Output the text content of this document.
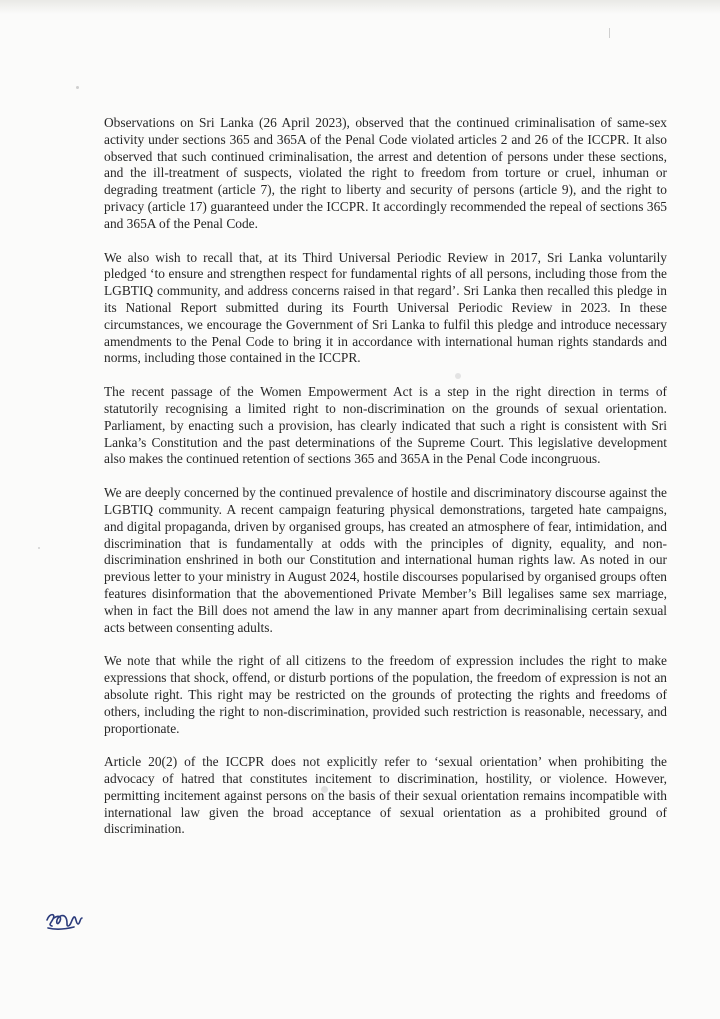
Observations on Sri Lanka (26 April 2023), observed that the continued criminalisation of same-sex activity under sections 365 and 365A of the Penal Code violated articles 2 and 26 of the ICCPR. It also observed that such continued criminalisation, the arrest and detention of persons under these sections, and the ill-treatment of suspects, violated the right to freedom from torture or cruel, inhuman or degrading treatment (article 7), the right to liberty and security of persons (article 9), and the right to privacy (article 17) guaranteed under the ICCPR. It accordingly recommended the repeal of sections 365 and 365A of the Penal Code.

We also wish to recall that, at its Third Universal Periodic Review in 2017, Sri Lanka voluntarily pledged ‘to ensure and strengthen respect for fundamental rights of all persons, including those from the LGBTIQ community, and address concerns raised in that regard’. Sri Lanka then recalled this pledge in its National Report submitted during its Fourth Universal Periodic Review in 2023. In these circumstances, we encourage the Government of Sri Lanka to fulfil this pledge and introduce necessary amendments to the Penal Code to bring it in accordance with international human rights standards and norms, including those contained in the ICCPR.

The recent passage of the Women Empowerment Act is a step in the right direction in terms of statutorily recognising a limited right to non-discrimination on the grounds of sexual orientation. Parliament, by enacting such a provision, has clearly indicated that such a right is consistent with Sri Lanka’s Constitution and the past determinations of the Supreme Court. This legislative development also makes the continued retention of sections 365 and 365A in the Penal Code incongruous.

We are deeply concerned by the continued prevalence of hostile and discriminatory discourse against the LGBTIQ community. A recent campaign featuring physical demonstrations, targeted hate campaigns, and digital propaganda, driven by organised groups, has created an atmosphere of fear, intimidation, and discrimination that is fundamentally at odds with the principles of dignity, equality, and non-discrimination enshrined in both our Constitution and international human rights law. As noted in our previous letter to your ministry in August 2024, hostile discourses popularised by organised groups often features disinformation that the abovementioned Private Member’s Bill legalises same sex marriage, when in fact the Bill does not amend the law in any manner apart from decriminalising certain sexual acts between consenting adults.

We note that while the right of all citizens to the freedom of expression includes the right to make expressions that shock, offend, or disturb portions of the population, the freedom of expression is not an absolute right. This right may be restricted on the grounds of protecting the rights and freedoms of others, including the right to non-discrimination, provided such restriction is reasonable, necessary, and proportionate.

Article 20(2) of the ICCPR does not explicitly refer to ‘sexual orientation’ when prohibiting the advocacy of hatred that constitutes incitement to discrimination, hostility, or violence. However, permitting incitement against persons on the basis of their sexual orientation remains incompatible with international law given the broad acceptance of sexual orientation as a prohibited ground of discrimination.
